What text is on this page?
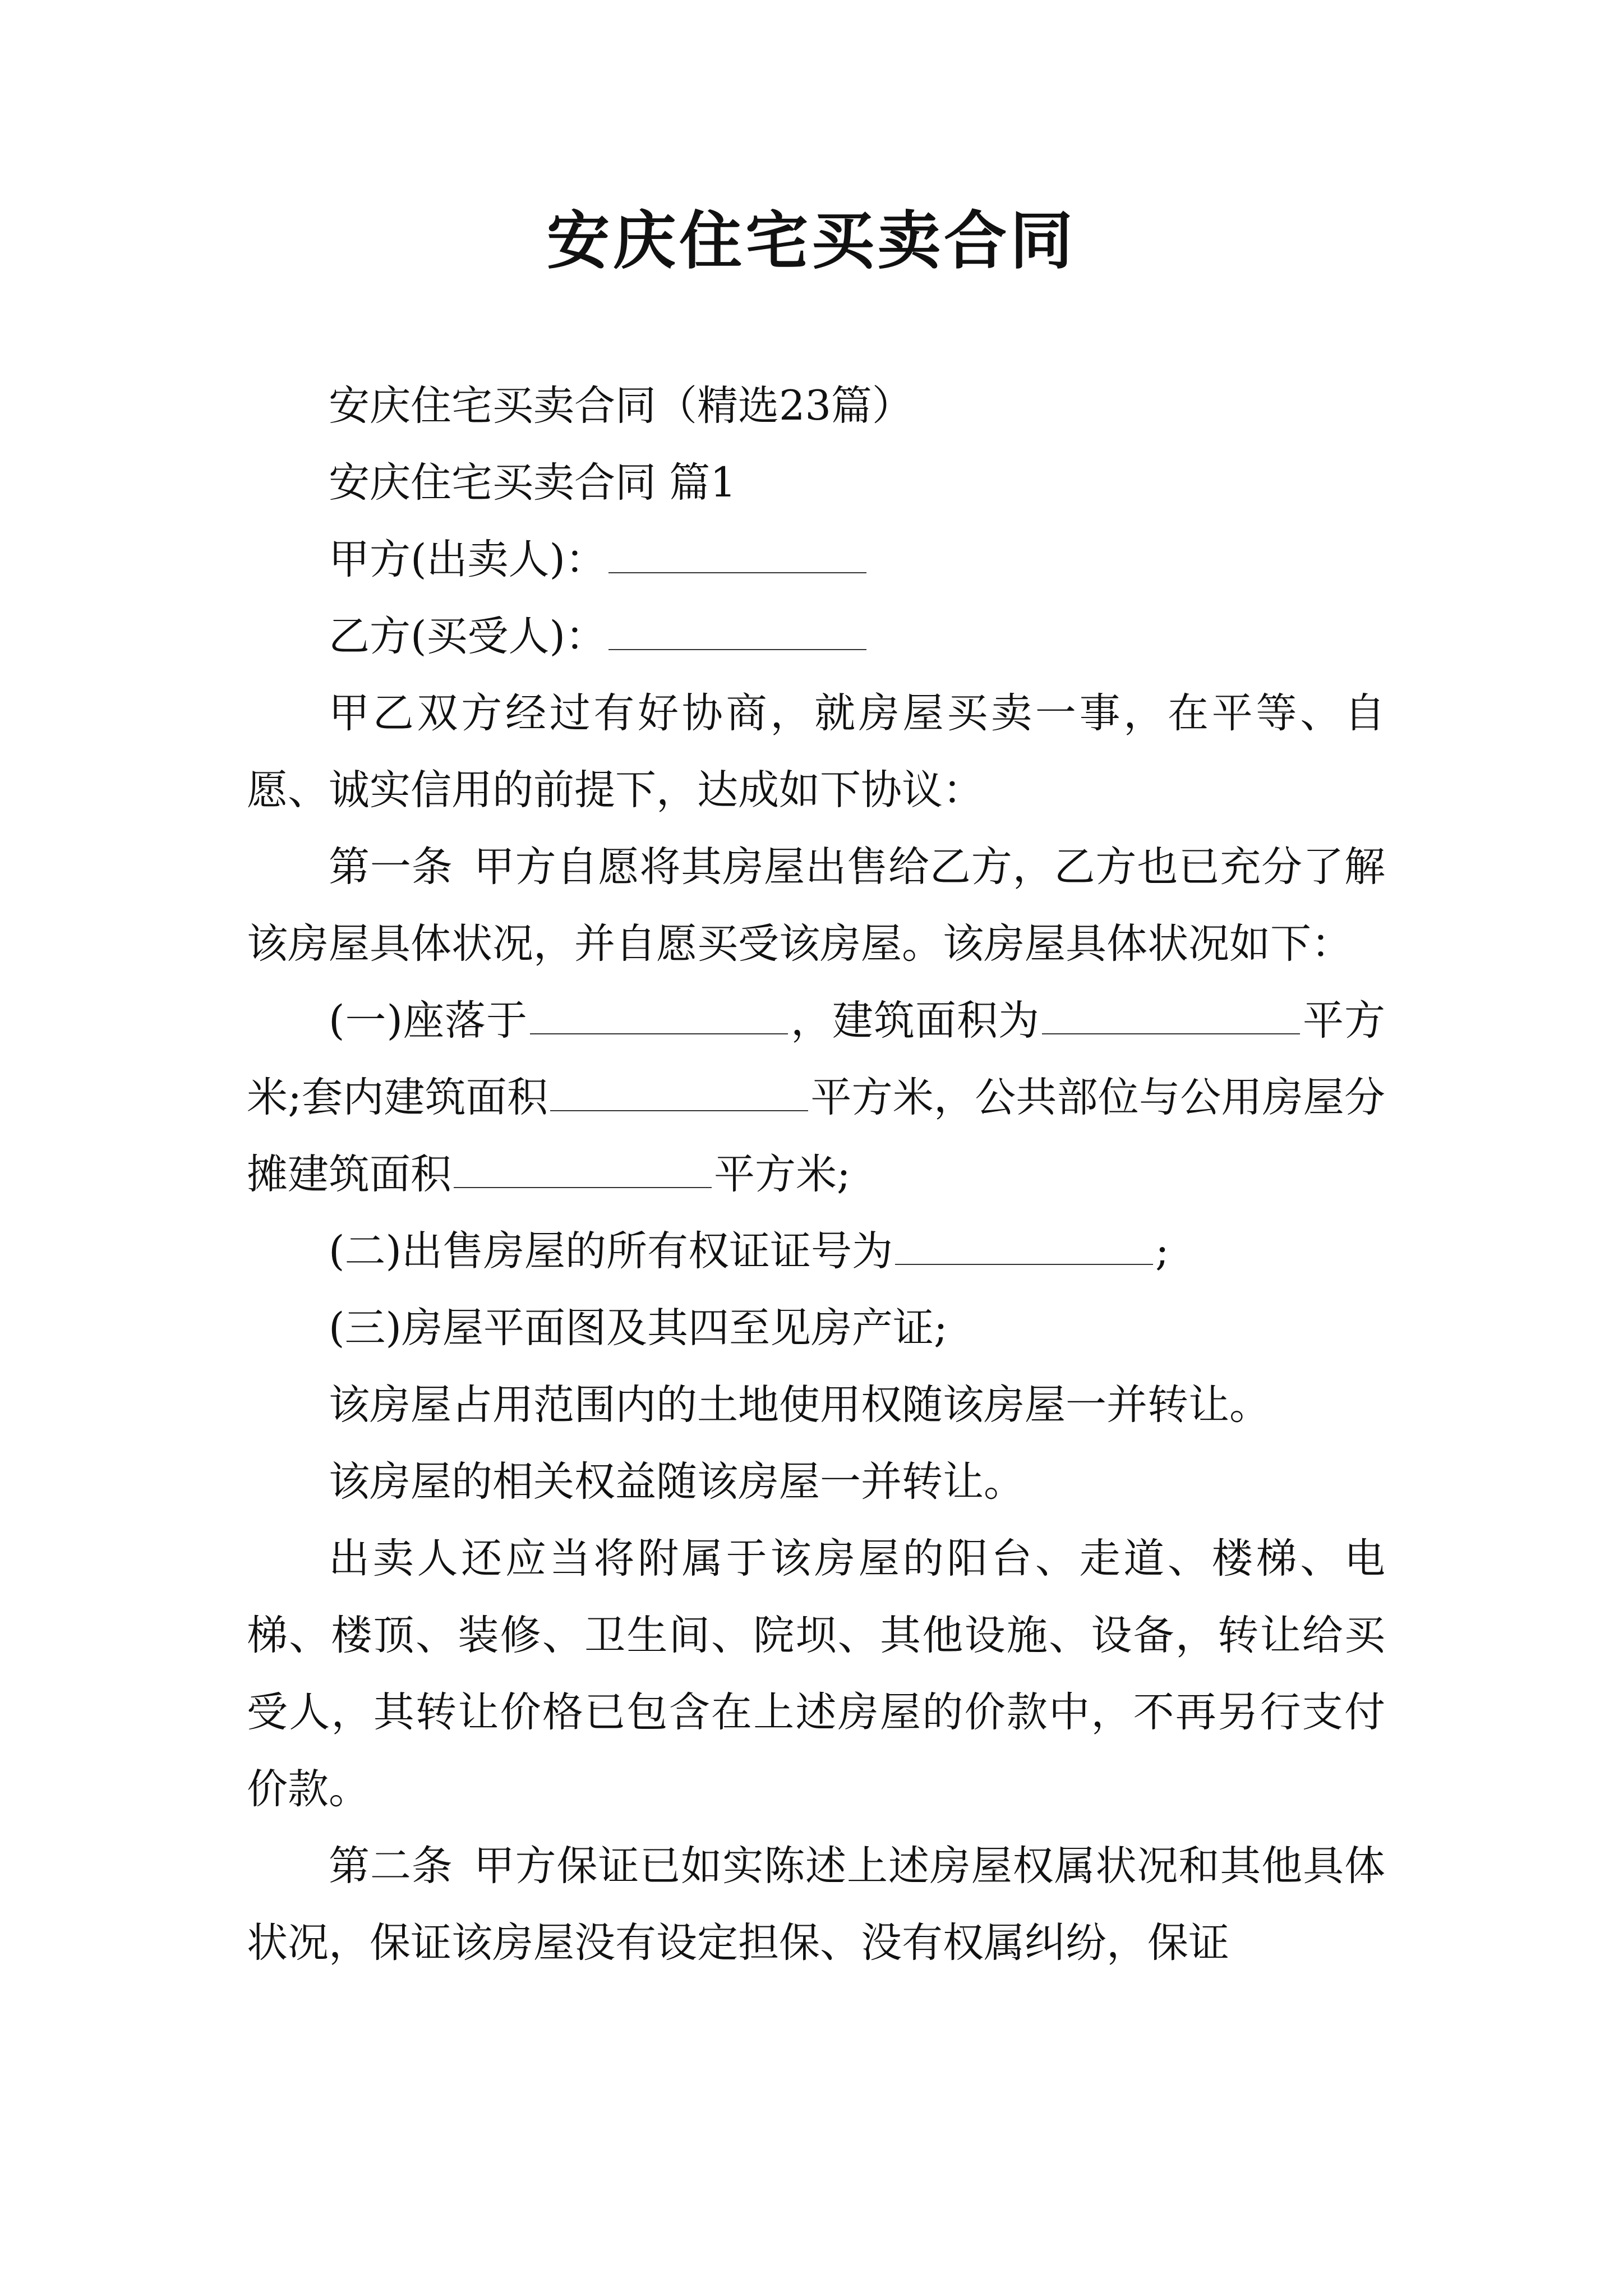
安庆住宅买卖合同

安庆住宅买卖合同（精选23篇）

安庆住宅买卖合同 篇1

甲方(出卖人)：

乙方(买受人)：

甲乙双方经过有好协商，就房屋买卖一事，在平等、自愿、诚实信用的前提下，达成如下协议：

第一条 甲方自愿将其房屋出售给乙方，乙方也已充分了解该房屋具体状况，并自愿买受该房屋。该房屋具体状况如下：

(一)座落于	，建筑面积为	平方米;套内建筑面积	平方米，公共部位与公用房屋分摊建筑面积	平方米;

(二)出售房屋的所有权证证号为	;

(三)房屋平面图及其四至见房产证;

该房屋占用范围内的土地使用权随该房屋一并转让。

该房屋的相关权益随该房屋一并转让。

出卖人还应当将附属于该房屋的阳台、走道、楼梯、电梯、楼顶、装修、卫生间、院坝、其他设施、设备，转让给买受人，其转让价格已包含在上述房屋的价款中，不再另行支付价款。

第二条 甲方保证已如实陈述上述房屋权属状况和其他具体状况，保证该房屋没有设定担保、没有权属纠纷，保证
